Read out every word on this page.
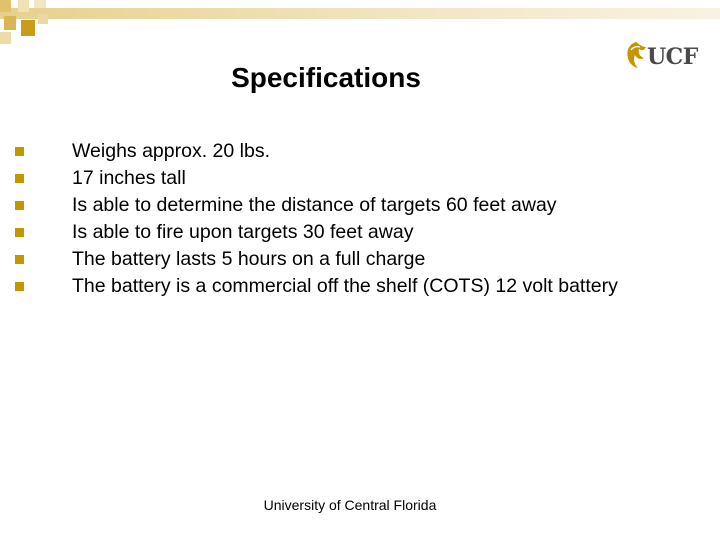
UCF
Specifications
Weighs approx. 20 lbs.
17 inches tall
Is able to determine the distance of targets 60 feet away
Is able to fire upon targets 30 feet away
The battery lasts 5 hours on a full charge
The battery is a commercial off the shelf (COTS) 12 volt battery
University of Central Florida
